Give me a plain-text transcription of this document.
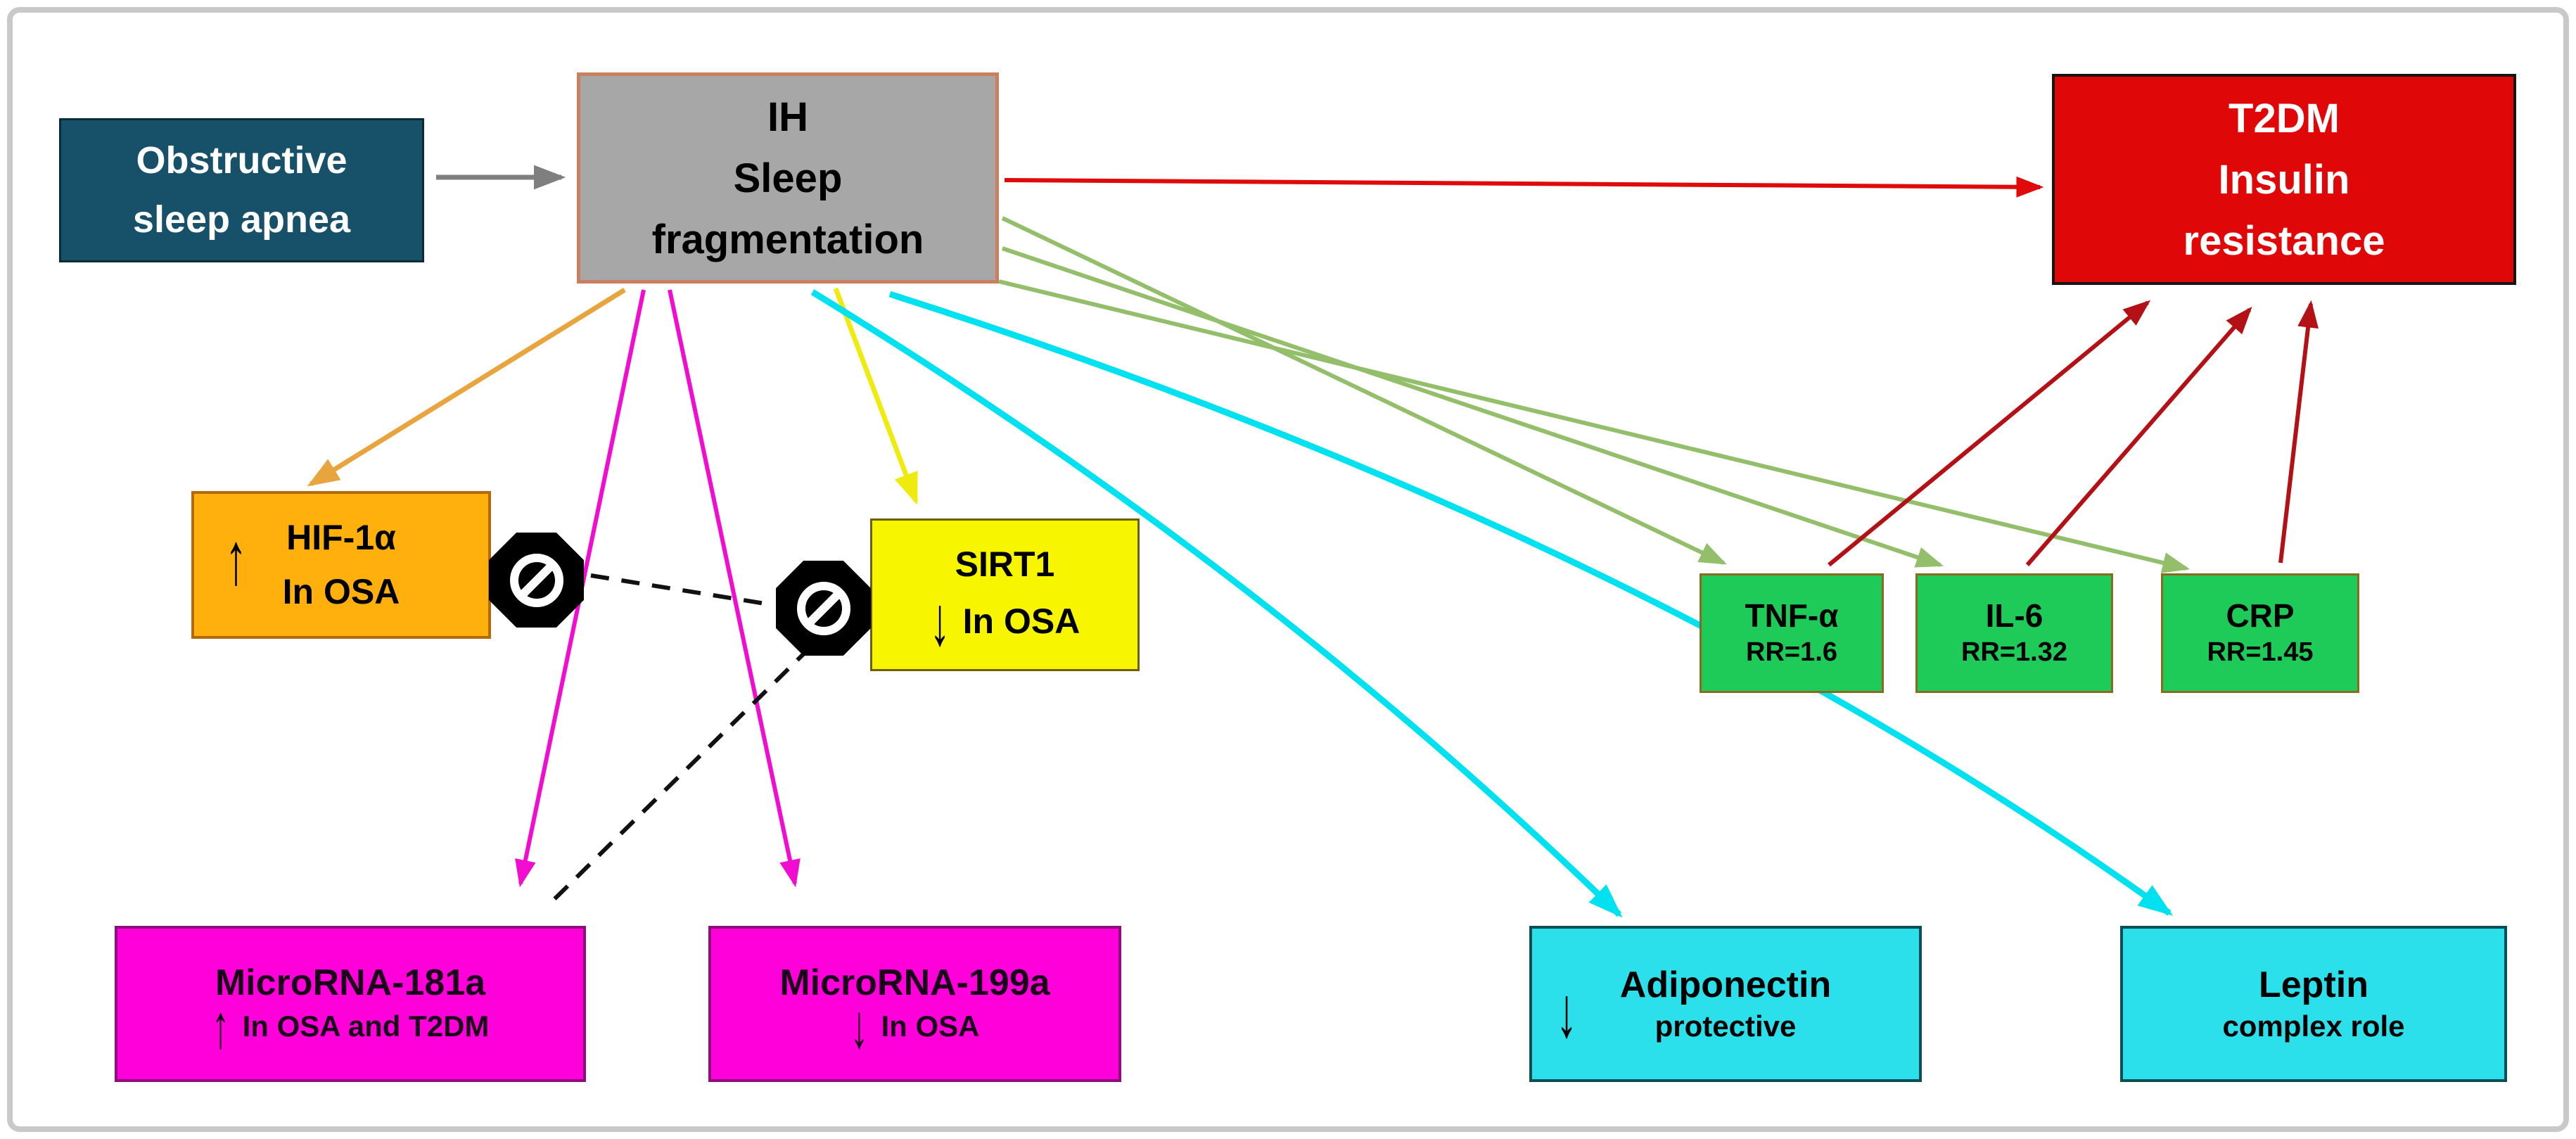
Obstructive
sleep apnea
IH
Sleep
fragmentation
T2DM
Insulin
resistance
↑	HIF-1α
In OSA
SIRT1
↓ In OSA	TNF-α
RR=1.6
IL-6
RR=1.32
CRP
RR=1.45
MicroRNA-181a
↑ In OSA and T2DM
MicroRNA-199a
↓ In OSA	↓ Adiponectin
protective
Leptin
complex role
